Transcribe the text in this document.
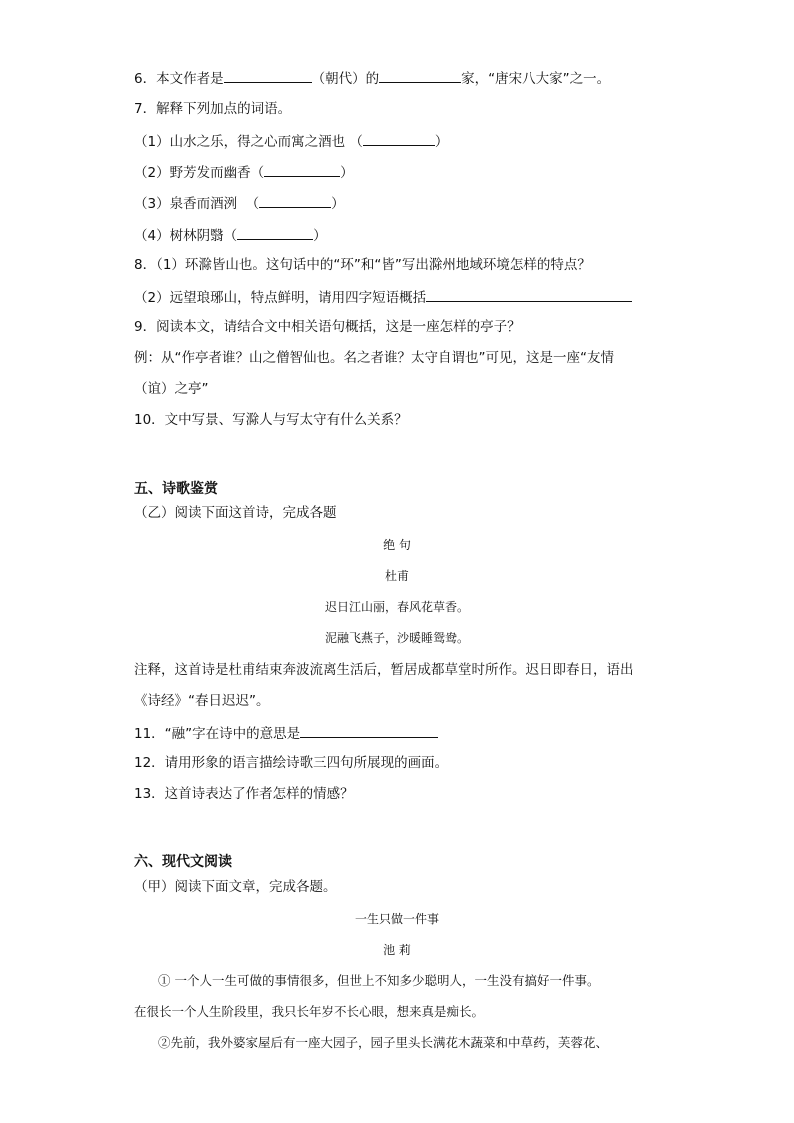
6．本文作者是	（朝代）的	家，“唐宋八大家”之一。
7．解释下列加点的词语。
（1）山水之乐，得之心而寓之酒也 （	）
（2）野芳发而幽香（	）
（3）泉香而酒洌  （	）
（4）树林阴翳（	）
8．（1）环滁皆山也。这句话中的“环”和“皆”写出滁州地域环境怎样的特点？
（2）远望琅琊山，特点鲜明，请用四字短语概括
9．阅读本文，请结合文中相关语句概括，这是一座怎样的亭子？
例：从“作亭者谁？山之僧智仙也。名之者谁？太守自谓也”可见，这是一座“友情
（谊）之亭”
10．文中写景、写滁人与写太守有什么关系？
五、诗歌鉴赏
（乙）阅读下面这首诗，完成各题
绝 句
杜甫
迟日江山丽，春风花草香。
泥融飞燕子，沙暖睡鸳鸯。
注释，这首诗是杜甫结束奔波流离生活后，暂居成都草堂时所作。迟日即春日，语出
《诗经》“春日迟迟”。
11．“融”字在诗中的意思是
12．请用形象的语言描绘诗歌三四句所展现的画面。
13．这首诗表达了作者怎样的情感？
六、现代文阅读
（甲）阅读下面文章，完成各题。
一生只做一件事
池 莉
① 一个人一生可做的事情很多，但世上不知多少聪明人，一生没有搞好一件事。
在很长一个人生阶段里，我只长年岁不长心眼，想来真是痴长。
②先前，我外婆家屋后有一座大园子，园子里头长满花木蔬菜和中草药，芙蓉花、
